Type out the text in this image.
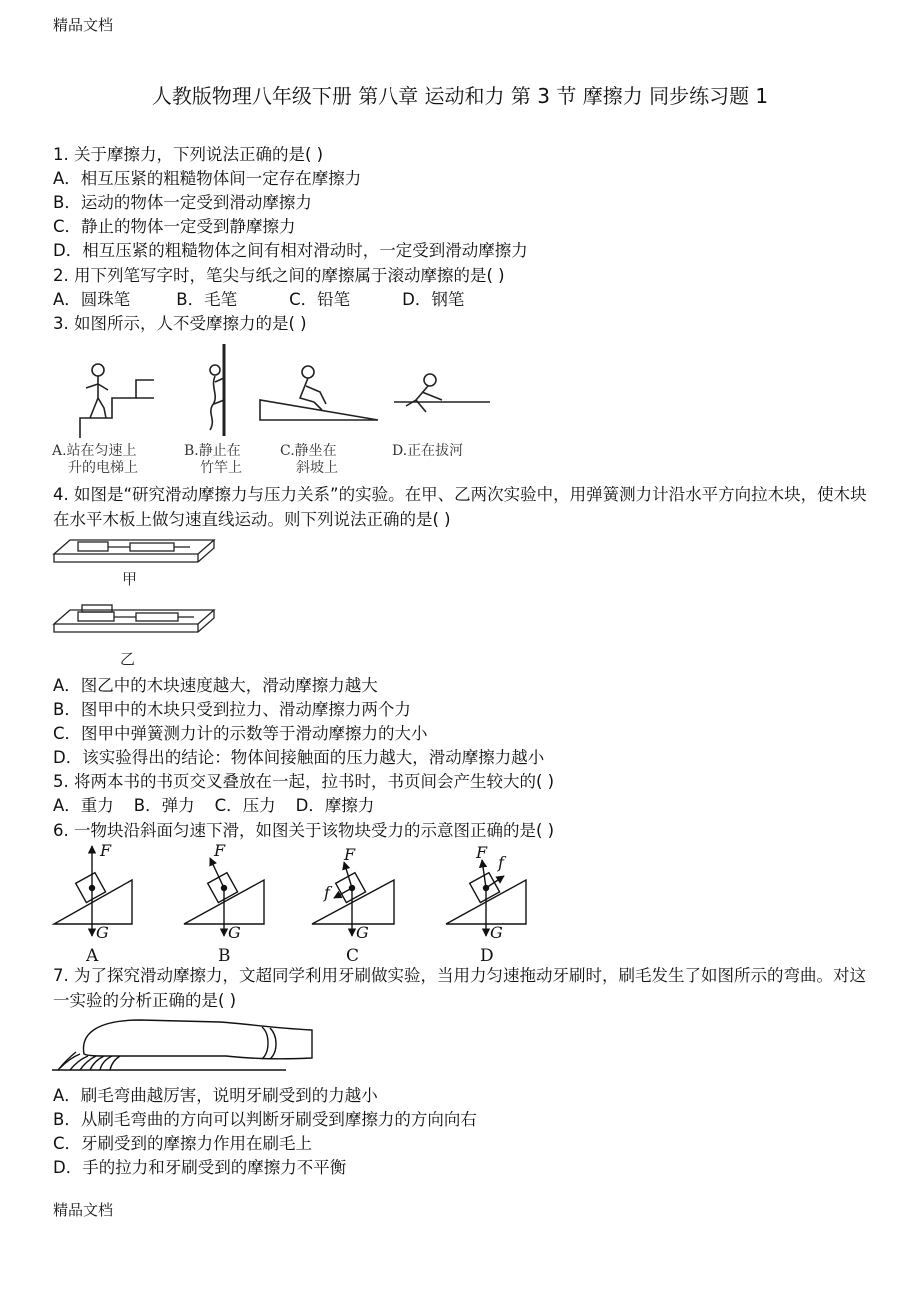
精品文档
人教版物理八年级下册 第八章 运动和力 第 3 节 摩擦力 同步练习题 1
1. 关于摩擦力，下列说法正确的是( )
A．相互压紧的粗糙物体间一定存在摩擦力
B．运动的物体一定受到滑动摩擦力
C．静止的物体一定受到静摩擦力
D．相互压紧的粗糙物体之间有相对滑动时，一定受到滑动摩擦力
2. 用下列笔写字时，笔尖与纸之间的摩擦属于滚动摩擦的是( )
A．圆珠笔	B．毛笔	C．铅笔	D．钢笔
3. 如图所示，人不受摩擦力的是( )
A.站在匀速上
升的电梯上
B.静止在
竹竿上
C.静坐在
斜坡上
D.正在拔河
4. 如图是“研究滑动摩擦力与压力关系”的实验。在甲、乙两次实验中，用弹簧测力计沿水平方向拉木块，使木块在水平木板上做匀速直线运动。则下列说法正确的是( )
甲
乙
A．图乙中的木块速度越大，滑动摩擦力越大
B．图甲中的木块只受到拉力、滑动摩擦力两个力
C．图甲中弹簧测力计的示数等于滑动摩擦力的大小
D．该实验得出的结论：物体间接触面的压力越大，滑动摩擦力越小
5. 将两本书的书页交叉叠放在一起，拉书时，书页间会产生较大的( )
A．重力 B．弹力 C．压力 D．摩擦力
6. 一物块沿斜面匀速下滑，如图关于该物块受力的示意图正确的是( )
F
G
F
G
F
f
G
F
f
G
A	B	C	D
7. 为了探究滑动摩擦力，文超同学利用牙刷做实验，当用力匀速拖动牙刷时，刷毛发生了如图所示的弯曲。对这一实验的分析正确的是( )
A．刷毛弯曲越厉害，说明牙刷受到的力越小
B．从刷毛弯曲的方向可以判断牙刷受到摩擦力的方向向右
C．牙刷受到的摩擦力作用在刷毛上
D．手的拉力和牙刷受到的摩擦力不平衡
精品文档
